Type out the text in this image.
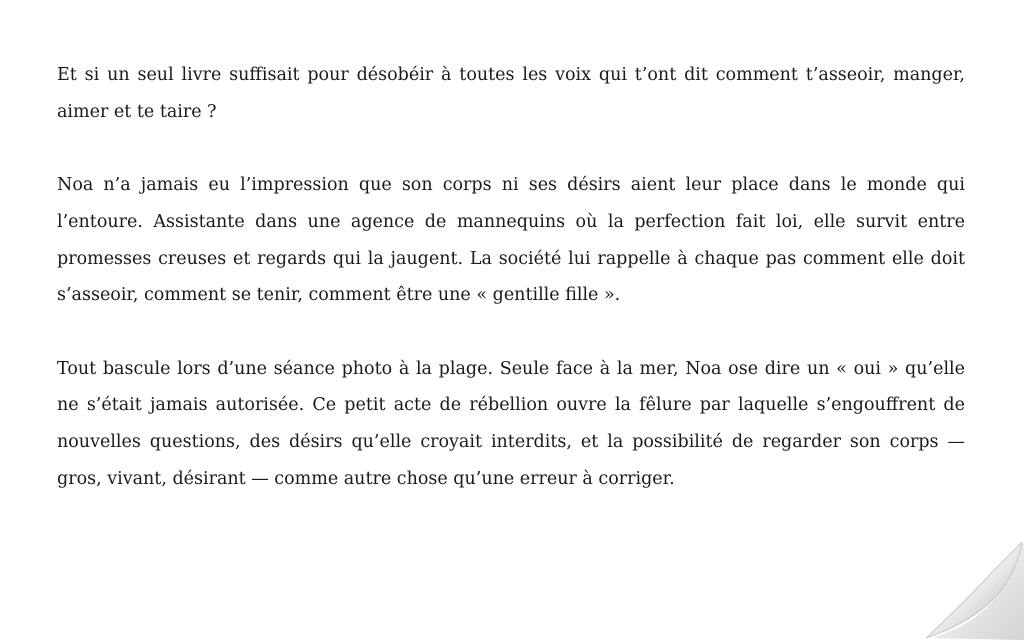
Et si un seul livre suffisait pour désobéir à toutes les voix qui t’ont dit comment t’asseoir, manger, aimer et te taire ?

Noa n’a jamais eu l’impression que son corps ni ses désirs aient leur place dans le monde qui l’entoure. Assistante dans une agence de mannequins où la perfection fait loi, elle survit entre promesses creuses et regards qui la jaugent. La société lui rappelle à chaque pas comment elle doit s’asseoir, comment se tenir, comment être une « gentille fille ».

Tout bascule lors d’une séance photo à la plage. Seule face à la mer, Noa ose dire un « oui » qu’elle ne s’était jamais autorisée. Ce petit acte de rébellion ouvre la fêlure par laquelle s’engouffrent de nouvelles questions, des désirs qu’elle croyait interdits, et la possibilité de regarder son corps — gros, vivant, désirant — comme autre chose qu’une erreur à corriger.
